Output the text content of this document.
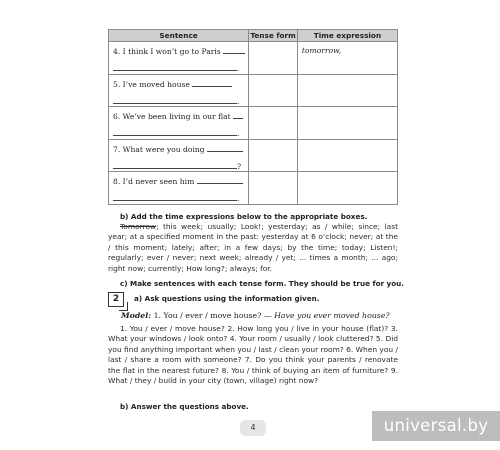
Sentence	Tense form	Time expression

4. I think I won’t go to Paris
.		tomorrow,

5. I’ve moved house
.		

6. We’ve been living in our flat
.		

7. What were you doing
?		

8. I’d never seen him
.		

b) Add the time expressions below to the appropriate boxes.
Tomorrow; this week; usually; Look!; yesterday; as / while; since; last year; at a specified moment in the past: yesterday at 6 o’clock; never; at the / this moment; lately; after; in a few days; by the time; today; Listen!; regularly; ever / never; next week; already / yet; ... times a month; ... ago; right now; currently; How long?; always; for.
c) Make sentences with each tense form. They should be true for you.
2	a) Ask questions using the information given.
Model: 1. You / ever / move house? — Have you ever moved house?
1. You / ever / move house? 2. How long you / live in your house (flat)? 3. What your windows / look onto? 4. Your room / usually / look cluttered? 5. Did you find anything important when you / last / clean your room? 6. When you / last / share a room with someone? 7. Do you think your parents / renovate the flat in the nearest future? 8. You / think of buying an item of furniture? 9. What / they / build in your city (town, village) right now?
b) Answer the questions above.
4	universal.by
